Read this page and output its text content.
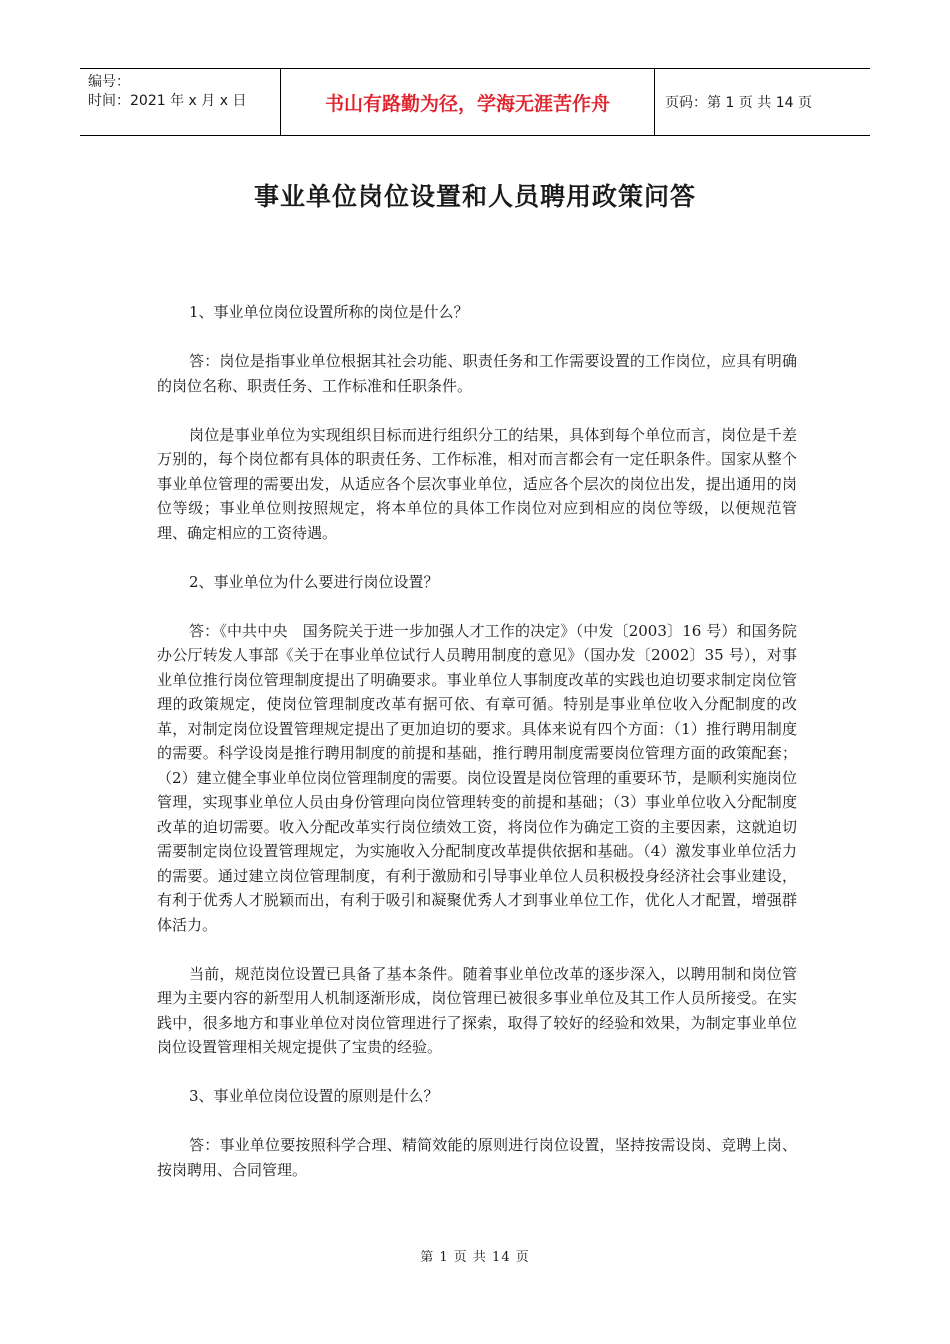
编号：
时间：2021 年 x 月 x 日	书山有路勤为径，学海无涯苦作舟	页码：第 1 页 共 14 页
事业单位岗位设置和人员聘用政策问答

1、事业单位岗位设置所称的岗位是什么？

答：岗位是指事业单位根据其社会功能、职责任务和工作需要设置的工作岗位，应具有明确的岗位名称、职责任务、工作标准和任职条件。

岗位是事业单位为实现组织目标而进行组织分工的结果，具体到每个单位而言，岗位是千差万别的，每个岗位都有具体的职责任务、工作标准，相对而言都会有一定任职条件。国家从整个事业单位管理的需要出发，从适应各个层次事业单位，适应各个层次的岗位出发，提出通用的岗位等级；事业单位则按照规定，将本单位的具体工作岗位对应到相应的岗位等级，以便规范管理、确定相应的工资待遇。

2、事业单位为什么要进行岗位设置？

答：《中共中央　国务院关于进一步加强人才工作的决定》（中发〔2003〕16 号）和国务院办公厅转发人事部《关于在事业单位试行人员聘用制度的意见》（国办发〔2002〕35 号），对事业单位推行岗位管理制度提出了明确要求。事业单位人事制度改革的实践也迫切要求制定岗位管理的政策规定，使岗位管理制度改革有据可依、有章可循。特别是事业单位收入分配制度的改革，对制定岗位设置管理规定提出了更加迫切的要求。具体来说有四个方面：（1）推行聘用制度的需要。科学设岗是推行聘用制度的前提和基础，推行聘用制度需要岗位管理方面的政策配套；（2）建立健全事业单位岗位管理制度的需要。岗位设置是岗位管理的重要环节，是顺利实施岗位管理，实现事业单位人员由身份管理向岗位管理转变的前提和基础；（3）事业单位收入分配制度改革的迫切需要。收入分配改革实行岗位绩效工资，将岗位作为确定工资的主要因素，这就迫切需要制定岗位设置管理规定，为实施收入分配制度改革提供依据和基础。（4）激发事业单位活力的需要。通过建立岗位管理制度，有利于激励和引导事业单位人员积极投身经济社会事业建设，有利于优秀人才脱颖而出，有利于吸引和凝聚优秀人才到事业单位工作，优化人才配置，增强群体活力。

当前，规范岗位设置已具备了基本条件。随着事业单位改革的逐步深入，以聘用制和岗位管理为主要内容的新型用人机制逐渐形成，岗位管理已被很多事业单位及其工作人员所接受。在实践中，很多地方和事业单位对岗位管理进行了探索，取得了较好的经验和效果，为制定事业单位岗位设置管理相关规定提供了宝贵的经验。

3、事业单位岗位设置的原则是什么？

答：事业单位要按照科学合理、精简效能的原则进行岗位设置，坚持按需设岗、竞聘上岗、按岗聘用、合同管理。

第 1 页 共 14 页
